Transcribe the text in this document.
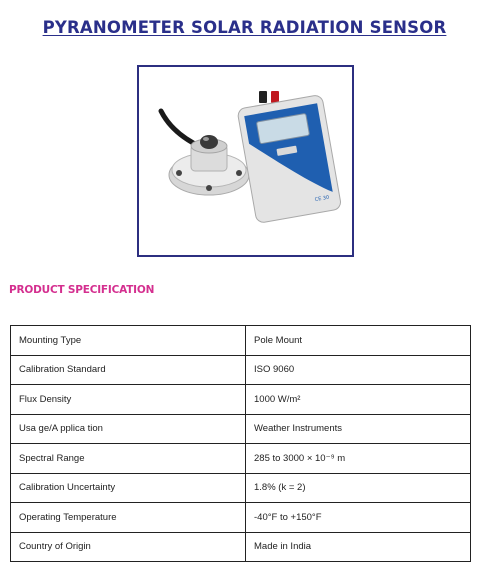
PYRANOMETER SOLAR RADIATION SENSOR
CE 30
PRODUCT SPECIFICATION
Mounting Type	Pole Mount
Calibration Standard	ISO 9060
Flux Density	1000 W/m²
Usa ge/A pplica tion	Weather Instruments
Spectral Range	285 to 3000 × 10⁻⁹ m
Calibration Uncertainty	1.8% (k = 2)
Operating Temperature	-40°F to +150°F
Country of Origin	Made in India
